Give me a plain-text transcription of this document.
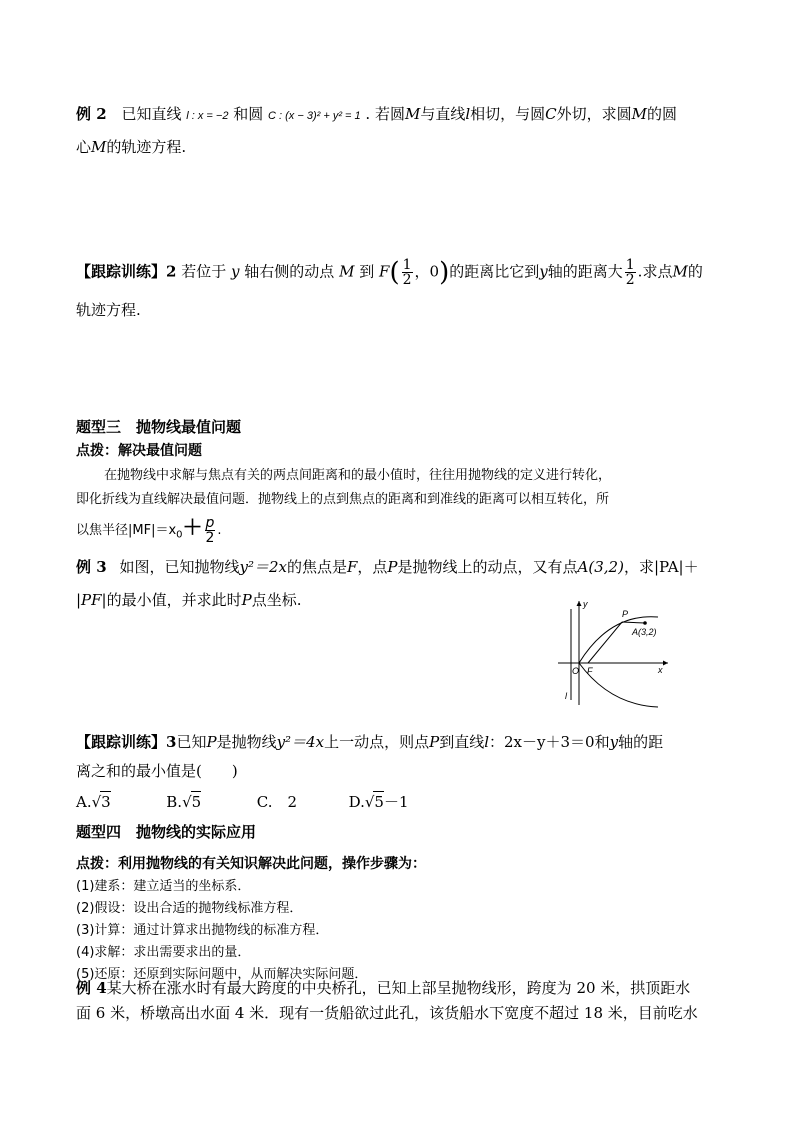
例 2 已知直线 l : x = −2 和圆 C : (x − 3)² + y² = 1 . 若圆M与直线l相切，与圆C外切，求圆M的圆
心M的轨迹方程.
【跟踪训练】2 若位于 y 轴右侧的动点 M 到 $F( \frac{1}{2}$ ，0)的距离比它到y轴的距离大 $\frac{1}{2}$ .求点M的
轨迹方程.
题型三　抛物线最值问题
点拨：解决最值问题
在抛物线中求解与焦点有关的两点间距离和的最小值时，往往用抛物线的定义进行转化，
即化折线为直线解决最值问题．抛物线上的点到焦点的距离和到准线的距离可以相互转化，所
以焦半径$|MF|=x_0+ \frac{p}{2}$ .
例 3 如图，已知抛物线y²＝2x的焦点是F，点P是抛物线上的动点，又有点A(3,2)，求|PA|＋
|PF|的最小值，并求此时P点坐标.	y
x
O F
l
P
A(3,2)
【跟踪训练】3已知P是抛物线y²＝4x上一动点，则点P到直线l：2x－y＋3＝0和y轴的距
离之和的最小值是(　　)
A.√3	B.√5	C.　2	D.√5－1
题型四　抛物线的实际应用
点拨：利用抛物线的有关知识解决此问题，操作步骤为：
(1)建系：建立适当的坐标系．
(2)假设：设出合适的抛物线标准方程．
(3)计算：通过计算求出抛物线的标准方程．
(4)求解：求出需要求出的量．
(5)还原：还原到实际问题中，从而解决实际问题．
例 4某大桥在涨水时有最大跨度的中央桥孔，已知上部呈抛物线形，跨度为 20 米，拱顶距水
面 6 米，桥墩高出水面 4 米．现有一货船欲过此孔，该货船水下宽度不超过 18 米，目前吃水
